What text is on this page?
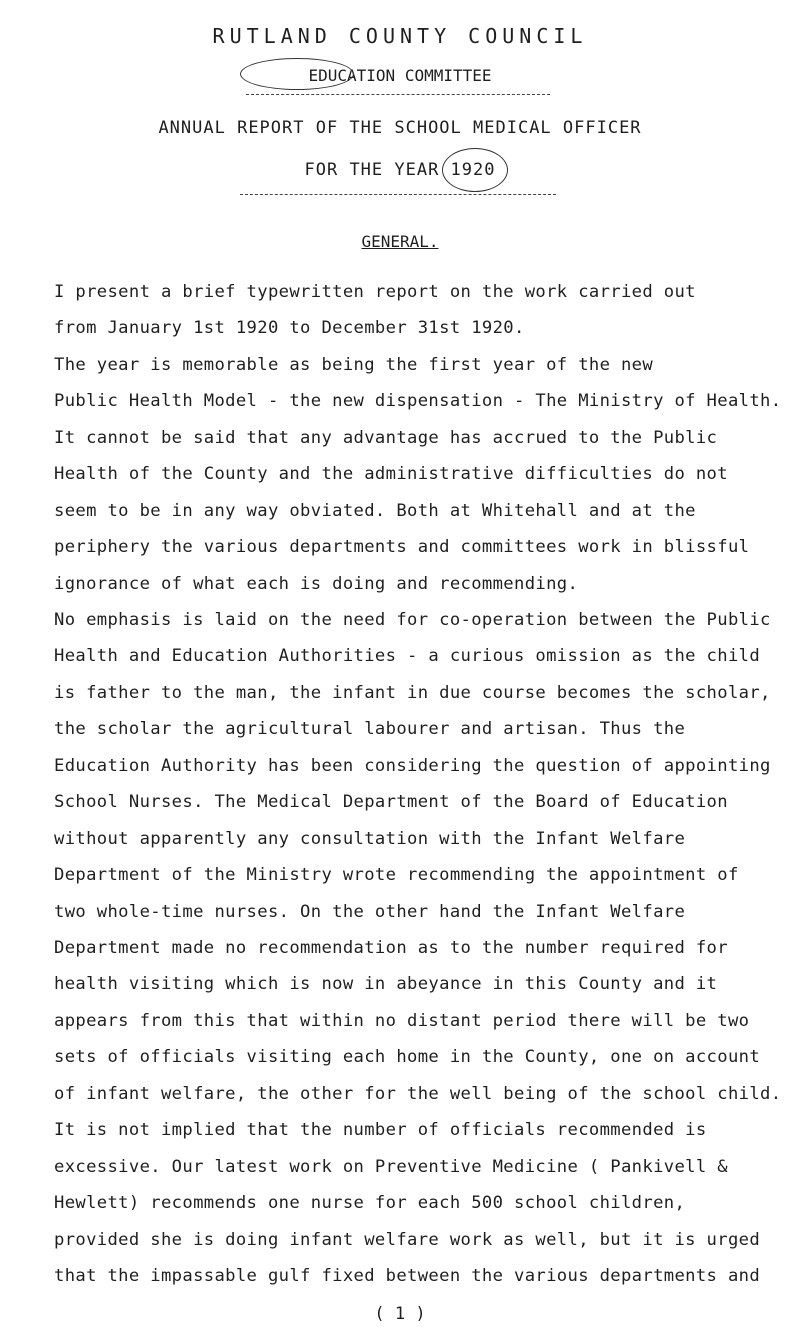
RUTLAND COUNTY COUNCIL
EDUCATION COMMITTEE
ANNUAL REPORT OF THE SCHOOL MEDICAL OFFICER
FOR THE YEAR 1920
GENERAL.
I present a brief typewritten report on the work carried out
from January 1st 1920 to December 31st 1920.
The year is memorable as being the first year of the new
Public Health Model - the new dispensation - The Ministry of Health.
It cannot be said that any advantage has accrued to the Public
Health of the County and the administrative difficulties do not
seem to be in any way obviated. Both at Whitehall and at the
periphery the various departments and committees work in blissful
ignorance of what each is doing and recommending.
No emphasis is laid on the need for co-operation between the Public
Health and Education Authorities - a curious omission as the child
is father to the man, the infant in due course becomes the scholar,
the scholar the agricultural labourer and artisan. Thus the
Education Authority has been considering the question of appointing
School Nurses. The Medical Department of the Board of Education
without apparently any consultation with the Infant Welfare
Department of the Ministry wrote recommending the appointment of
two whole-time nurses. On the other hand the Infant Welfare
Department made no recommendation as to the number required for
health visiting which is now in abeyance in this County and it
appears from this that within no distant period there will be two
sets of officials visiting each home in the County, one on account
of infant welfare, the other for the well being of the school child.
It is not implied that the number of officials recommended is
excessive. Our latest work on Preventive Medicine ( Pankivell &
Hewlett) recommends one nurse for each 500 school children,
provided she is doing infant welfare work as well, but it is urged
that the impassable gulf fixed between the various departments and
( 1 )
